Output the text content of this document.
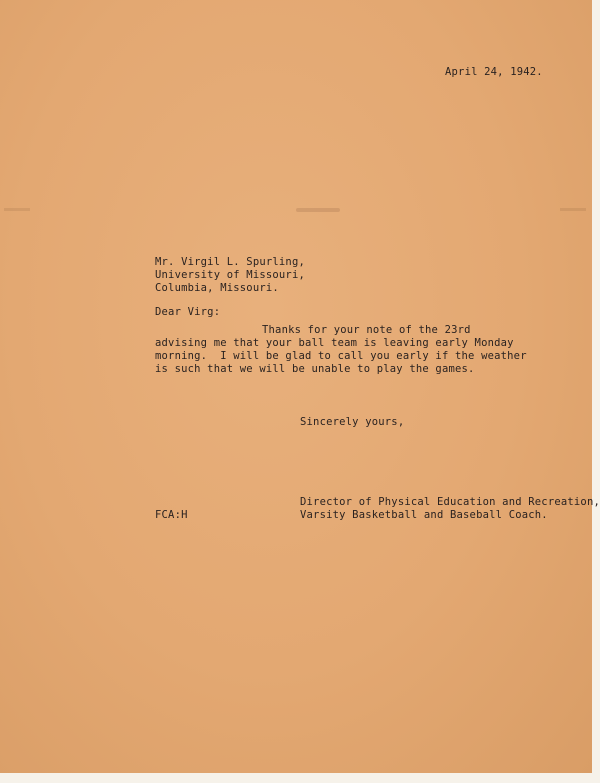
April 24, 1942.
Mr. Virgil L. Spurling,
University of Missouri,
Columbia, Missouri.
Dear Virg:
Thanks for your note of the 23rd
advising me that your ball team is leaving early Monday
morning.  I will be glad to call you early if the weather
is such that we will be unable to play the games.
Sincerely yours,
Director of Physical Education and Recreation,
Varsity Basketball and Baseball Coach.
FCA:H
